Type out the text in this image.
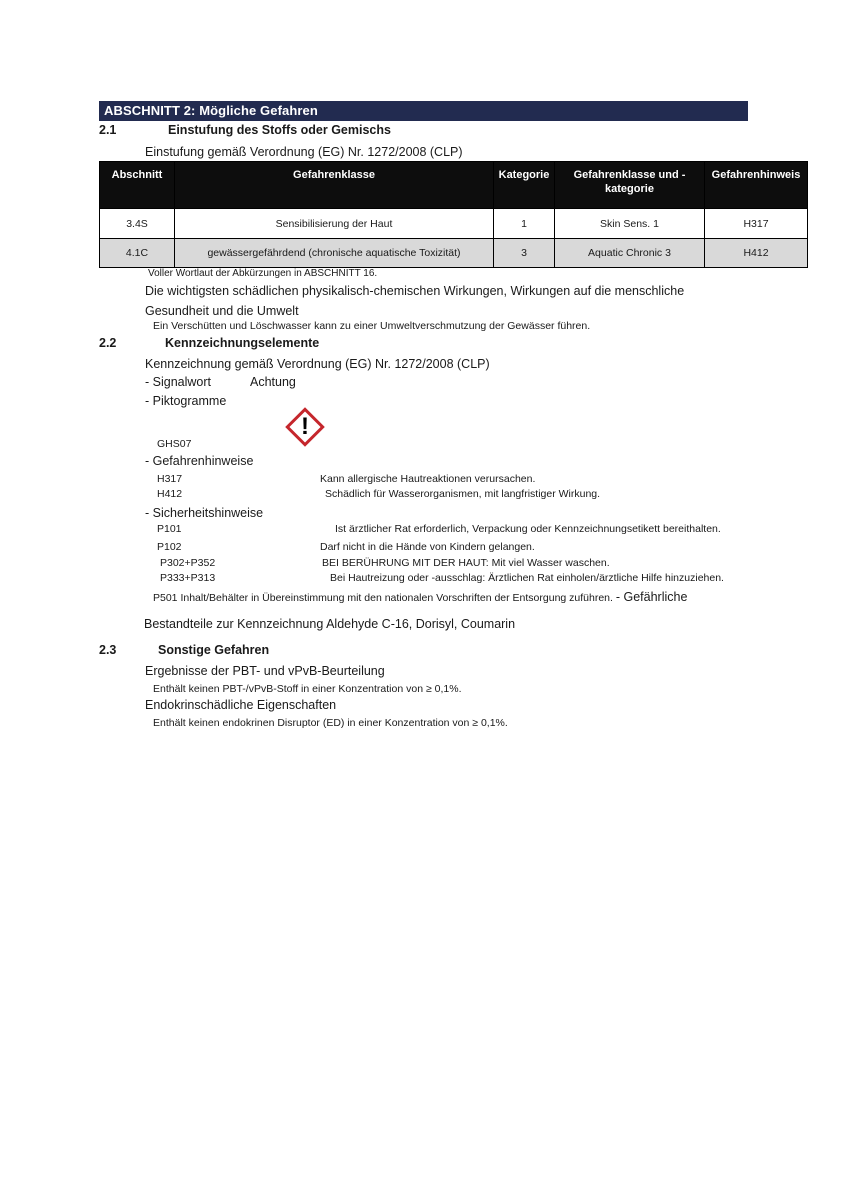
ABSCHNITT 2: Mögliche Gefahren
2.1	Einstufung des Stoffs oder Gemischs
Einstufung gemäß Verordnung (EG) Nr. 1272/2008 (CLP)
Abschnitt	Gefahrenklasse	Kategorie	Gefahrenklasse und - kategorie	Gefahrenhinweis
3.4S	Sensibilisierung der Haut	1	Skin Sens. 1	H317
4.1C	gewässergefährdend (chronische aquatische Toxizität)	3	Aquatic Chronic 3	H412
Voller Wortlaut der Abkürzungen in ABSCHNITT 16.
Die wichtigsten schädlichen physikalisch-chemischen Wirkungen, Wirkungen auf die menschliche Gesundheit und die Umwelt
Ein Verschütten und Löschwasser kann zu einer Umweltverschmutzung der Gewässer führen.
2.2	Kennzeichnungselemente
Kennzeichnung gemäß Verordnung (EG) Nr. 1272/2008 (CLP)
- Signalwort	Achtung
- Piktogramme
!
GHS07
- Gefahrenhinweise
H317	Kann allergische Hautreaktionen verursachen.
H412	Schädlich für Wasserorganismen, mit langfristiger Wirkung.
- Sicherheitshinweise
P101	Ist ärztlicher Rat erforderlich, Verpackung oder Kennzeichnungsetikett bereithalten.
P102	Darf nicht in die Hände von Kindern gelangen.
P302+P352	BEI BERÜHRUNG MIT DER HAUT: Mit viel Wasser waschen.
P333+P313	Bei Hautreizung oder -ausschlag: Ärztlichen Rat einholen/ärztliche Hilfe hinzuziehen.
P501 Inhalt/Behälter in Übereinstimmung mit den nationalen Vorschriften der Entsorgung zuführen. - Gefährliche
Bestandteile zur Kennzeichnung Aldehyde C-16, Dorisyl, Coumarin
2.3	Sonstige Gefahren
Ergebnisse der PBT- und vPvB-Beurteilung
Enthält keinen PBT-/vPvB-Stoff in einer Konzentration von ≥ 0,1%.
Endokrinschädliche Eigenschaften
Enthält keinen endokrinen Disruptor (ED) in einer Konzentration von ≥ 0,1%.
